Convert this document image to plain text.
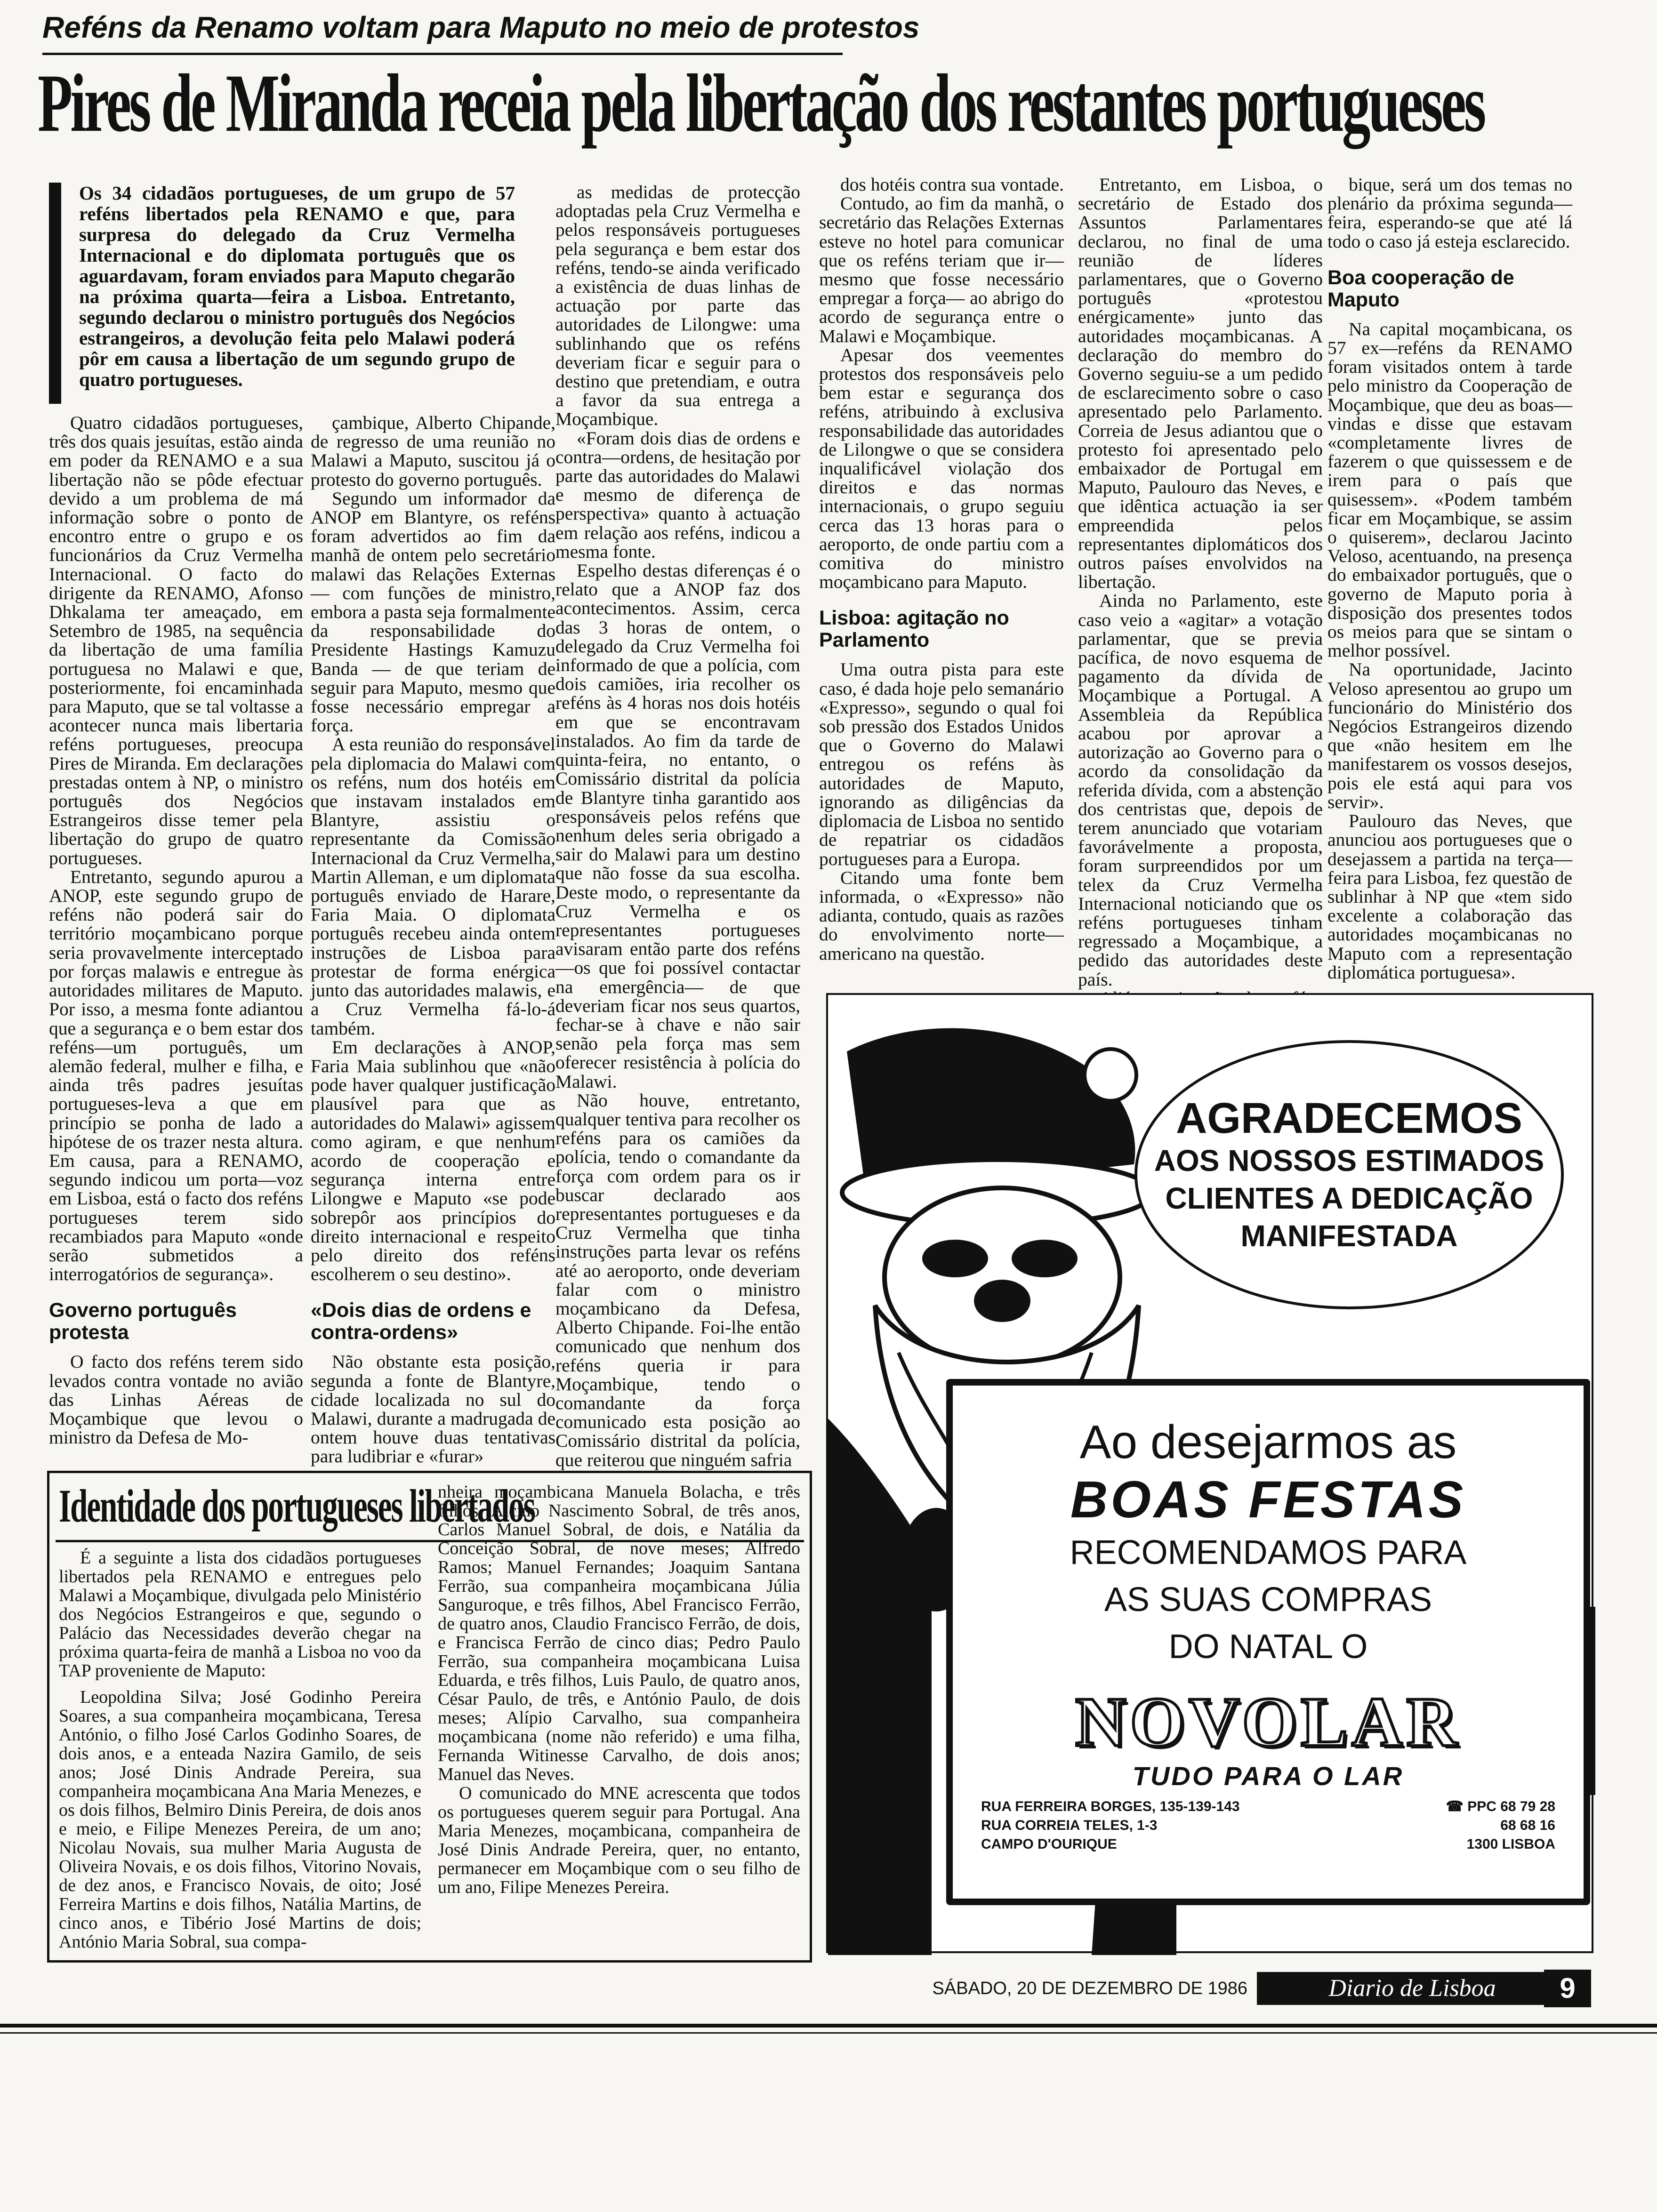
Reféns da Renamo voltam para Maputo no meio de protestos
Pires de Miranda receia pela libertação dos restantes portugueses
Os 34 cidadãos portugueses, de um grupo de 57 reféns libertados pela RENAMO e que, para surpresa do delegado da Cruz Vermelha Internacional e do diplomata português que os aguardavam, foram enviados para Maputo chegarão na próxima quarta—feira a Lisboa. Entretanto, segundo declarou o ministro português dos Negócios estrangeiros, a devolução feita pelo Malawi poderá pôr em causa a libertação de um segundo grupo de quatro portugueses.

Quatro cidadãos portugueses, três dos quais jesuítas, estão ainda em poder da RENAMO e a sua libertação não se pôde efectuar devido a um problema de má informação sobre o ponto de encontro entre o grupo e os funcionários da Cruz Vermelha Internacional. O facto do dirigente da RENAMO, Afonso Dhkalama ter ameaçado, em Setembro de 1985, na sequência da libertação de uma família portuguesa no Malawi e que, posteriormente, foi encaminhada para Maputo, que se tal voltasse a acontecer nunca mais libertaria reféns portugueses, preocupa Pires de Miranda. Em declarações prestadas ontem à NP, o ministro português dos Negócios Estrangeiros disse temer pela libertação do grupo de quatro portugueses.

Entretanto, segundo apurou a ANOP, este segundo grupo de reféns não poderá sair do território moçambicano porque seria provavelmente interceptado por forças malawis e entregue às autoridades militares de Maputo. Por isso, a mesma fonte adiantou que a segurança e o bem estar dos reféns—um português, um alemão federal, mulher e filha, e ainda três padres jesuítas portugueses-leva a que em princípio se ponha de lado a hipótese de os trazer nesta altura. Em causa, para a RENAMO, segundo indicou um porta—voz em Lisboa, está o facto dos reféns portugueses terem sido recambiados para Maputo «onde serão submetidos a interrogatórios de segurança».

Governo português protesta

O facto dos reféns terem sido levados contra vontade no avião das Linhas Aéreas de Moçambique que levou o ministro da Defesa de Mo-

çambique, Alberto Chipande, de regresso de uma reunião no Malawi a Maputo, suscitou já o protesto do governo português.

Segundo um informador da ANOP em Blantyre, os reféns foram advertidos ao fim da manhã de ontem pelo secretário malawi das Relações Externas — com funções de ministro, embora a pasta seja formalmente da responsabilidade do Presidente Hastings Kamuzu Banda — de que teriam de seguir para Maputo, mesmo que fosse necessário empregar a força.

A esta reunião do responsável pela diplomacia do Malawi com os reféns, num dos hotéis em que instavam instalados em Blantyre, assistiu o representante da Comissão Internacional da Cruz Vermelha, Martin Alleman, e um diplomata português enviado de Harare, Faria Maia. O diplomata português recebeu ainda ontem instruções de Lisboa para protestar de forma enérgica junto das autoridades malawis, e a Cruz Vermelha fá-lo-á também.

Em declarações à ANOP, Faria Maia sublinhou que «não pode haver qualquer justificação plausível para que as autoridades do Malawi» agissem como agiram, e que nenhum acordo de cooperação e segurança interna entre Lilongwe e Maputo «se pode sobrepôr aos princípios do direito internacional e respeito pelo direito dos reféns escolherem o seu destino».

«Dois dias de ordens e contra-ordens»

Não obstante esta posição, segunda a fonte de Blantyre, cidade localizada no sul do Malawi, durante a madrugada de ontem houve duas tentativas para ludibriar e «furar»

as medidas de protecção adoptadas pela Cruz Vermelha e pelos responsáveis portugueses pela segurança e bem estar dos reféns, tendo-se ainda verificado a existência de duas linhas de actuação por parte das autoridades de Lilongwe: uma sublinhando que os reféns deveriam ficar e seguir para o destino que pretendiam, e outra a favor da sua entrega a Moçambique.

«Foram dois dias de ordens e contra—ordens, de hesitação por parte das autoridades do Malawi e mesmo de diferença de perspectiva» quanto à actuação em relação aos reféns, indicou a mesma fonte.

Espelho destas diferenças é o relato que a ANOP faz dos acontecimentos. Assim, cerca das 3 horas de ontem, o delegado da Cruz Vermelha foi informado de que a polícia, com dois camiões, iria recolher os reféns às 4 horas nos dois hotéis em que se encontravam instalados. Ao fim da tarde de quinta-feira, no entanto, o Comissário distrital da polícia de Blantyre tinha garantido aos responsáveis pelos reféns que nenhum deles seria obrigado a sair do Malawi para um destino que não fosse da sua escolha. Deste modo, o representante da Cruz Vermelha e os representantes portugueses avisaram então parte dos reféns—os que foi possível contactar na emergência— de que deveriam ficar nos seus quartos, fechar-se à chave e não sair senão pela força mas sem oferecer resistência à polícia do Malawi.

Não houve, entretanto, qualquer tentiva para recolher os reféns para os camiões da polícia, tendo o comandante da força com ordem para os ir buscar declarado aos representantes portugueses e da Cruz Vermelha que tinha instruções parta levar os reféns até ao aeroporto, onde deveriam falar com o ministro moçambicano da Defesa, Alberto Chipande. Foi-lhe então comunicado que nenhum dos reféns queria ir para Moçambique, tendo o comandante da força comunicado esta posição ao Comissário distrital da polícia, que reiterou que ninguém safria

dos hotéis contra sua vontade.

Contudo, ao fim da manhã, o secretário das Relações Externas esteve no hotel para comunicar que os reféns teriam que ir—mesmo que fosse necessário empregar a força— ao abrigo do acordo de segurança entre o Malawi e Moçambique.

Apesar dos veementes protestos dos responsáveis pelo bem estar e segurança dos reféns, atribuindo à exclusiva responsabilidade das autoridades de Lilongwe o que se considera inqualificável violação dos direitos e das normas internacionais, o grupo seguiu cerca das 13 horas para o aeroporto, de onde partiu com a comitiva do ministro moçambicano para Maputo.

Lisboa: agitação no Parlamento

Uma outra pista para este caso, é dada hoje pelo semanário «Expresso», segundo o qual foi sob pressão dos Estados Unidos que o Governo do Malawi entregou os reféns às autoridades de Maputo, ignorando as diligências da diplomacia de Lisboa no sentido de repatriar os cidadãos portugueses para a Europa.

Citando uma fonte bem informada, o «Expresso» não adianta, contudo, quais as razões do envolvimento norte—americano na questão.

Entretanto, em Lisboa, o secretário de Estado dos Assuntos Parlamentares declarou, no final de uma reunião de líderes parlamentares, que o Governo português «protestou enérgicamente» junto das autoridades moçambicanas. A declaração do membro do Governo seguiu-se a um pedido de esclarecimento sobre o caso apresentado pelo Parlamento. Correia de Jesus adiantou que o protesto foi apresentado pelo embaixador de Portugal em Maputo, Paulouro das Neves, e que idêntica actuação ia ser empreendida pelos representantes diplomáticos dos outros países envolvidos na libertação.

Ainda no Parlamento, este caso veio a «agitar» a votação parlamentar, que se previa pacífica, de novo esquema de pagamento da dívida de Moçambique a Portugal. A Assembleia da República acabou por aprovar a autorização ao Governo para o acordo da consolidação da referida dívida, com a abstenção dos centristas que, depois de terem anunciado que votariam favorávelmente a proposta, foram surpreendidos por um telex da Cruz Vermelha Internacional noticiando que os reféns portugueses tinham regressado a Moçambique, a pedido das autoridades deste país.

bique, será um dos temas no plenário da próxima segunda—feira, esperando-se que até lá todo o caso já esteja esclarecido.

Boa cooperação de Maputo

Na capital moçambicana, os 57 ex—reféns da RENAMO foram visitados ontem à tarde pelo ministro da Cooperação de Moçambique, que deu as boas—vindas e disse que estavam «completamente livres de fazerem o que quissessem e de irem para o país que quisessem». «Podem também ficar em Moçambique, se assim o quiserem», declarou Jacinto Veloso, acentuando, na presença do embaixador português, que o governo de Maputo poria à disposição dos presentes todos os meios para que se sintam o melhor possível.

Na oportunidade, Jacinto Veloso apresentou ao grupo um funcionário do Ministério dos Negócios Estrangeiros dizendo que «não hesitem em lhe manifestarem os vossos desejos, pois ele está aqui para vos servir».

Paulouro das Neves, que anunciou aos portugueses que o desejassem a partida na terça—feira para Lisboa, fez questão de sublinhar à NP que «tem sido excelente a colaboração das autoridades moçambicanas no Maputo com a representação diplomática portuguesa».

Identidade dos portugueses libertados

É a seguinte a lista dos cidadãos portugueses libertados pela RENAMO e entregues pelo Malawi a Moçambique, divulgada pelo Ministério dos Negócios Estrangeiros e que, segundo o Palácio das Necessidades deverão chegar na próxima quarta-feira de manhã a Lisboa no voo da TAP proveniente de Maputo:

Leopoldina Silva; José Godinho Pereira Soares, a sua companheira moçambicana, Teresa António, o filho José Carlos Godinho Soares, de dois anos, e a enteada Nazira Gamilo, de seis anos; José Dinis Andrade Pereira, sua companheira moçambicana Ana Maria Menezes, e os dois filhos, Belmiro Dinis Pereira, de dois anos e meio, e Filipe Menezes Pereira, de um ano; Nicolau Novais, sua mulher Maria Augusta de Oliveira Novais, e os dois filhos, Vitorino Novais, de dez anos, e Francisco Novais, de oito; José Ferreira Martins e dois filhos, Natália Martins, de cinco anos, e Tibério José Martins de dois; António Maria Sobral, sua compa-

nheira moçambicana Manuela Bolacha, e três filhos, Alcino Nascimento Sobral, de três anos, Carlos Manuel Sobral, de dois, e Natália da Conceição Sobral, de nove meses; Alfredo Ramos; Manuel Fernandes; Joaquim Santana Ferrão, sua companheira moçambicana Júlia Sanguroque, e três filhos, Abel Francisco Ferrão, de quatro anos, Claudio Francisco Ferrão, de dois, e Francisca Ferrão de cinco dias; Pedro Paulo Ferrão, sua companheira moçambicana Luisa Eduarda, e três filhos, Luis Paulo, de quatro anos, César Paulo, de três, e António Paulo, de dois meses; Alípio Carvalho, sua companheira moçambicana (nome não referido) e uma filha, Fernanda Witinesse Carvalho, de dois anos; Manuel das Neves.

O comunicado do MNE acrescenta que todos os portugueses querem seguir para Portugal. Ana Maria Menezes, moçambicana, companheira de José Dinis Andrade Pereira, quer, no entanto, permanecer em Moçambique com o seu filho de um ano, Filipe Menezes Pereira.

AGRADECEMOS
AOS NOSSOS ESTIMADOS
CLIENTES A DEDICAÇÃO
MANIFESTADA
Ao desejarmos as
BOAS FESTAS
RECOMENDAMOS PARA
AS SUAS COMPRAS
DO NATAL O
NOVOLAR
TUDO PARA O LAR
RUA FERREIRA BORGES, 135-139-143
RUA CORREIA TELES, 1-3
CAMPO D'OURIQUE
☎ PPC 68 79 28
68 68 16
1300 LISBOA
SÁBADO, 20 DE DEZEMBRO DE 1986	Diario de Lisboa	9
